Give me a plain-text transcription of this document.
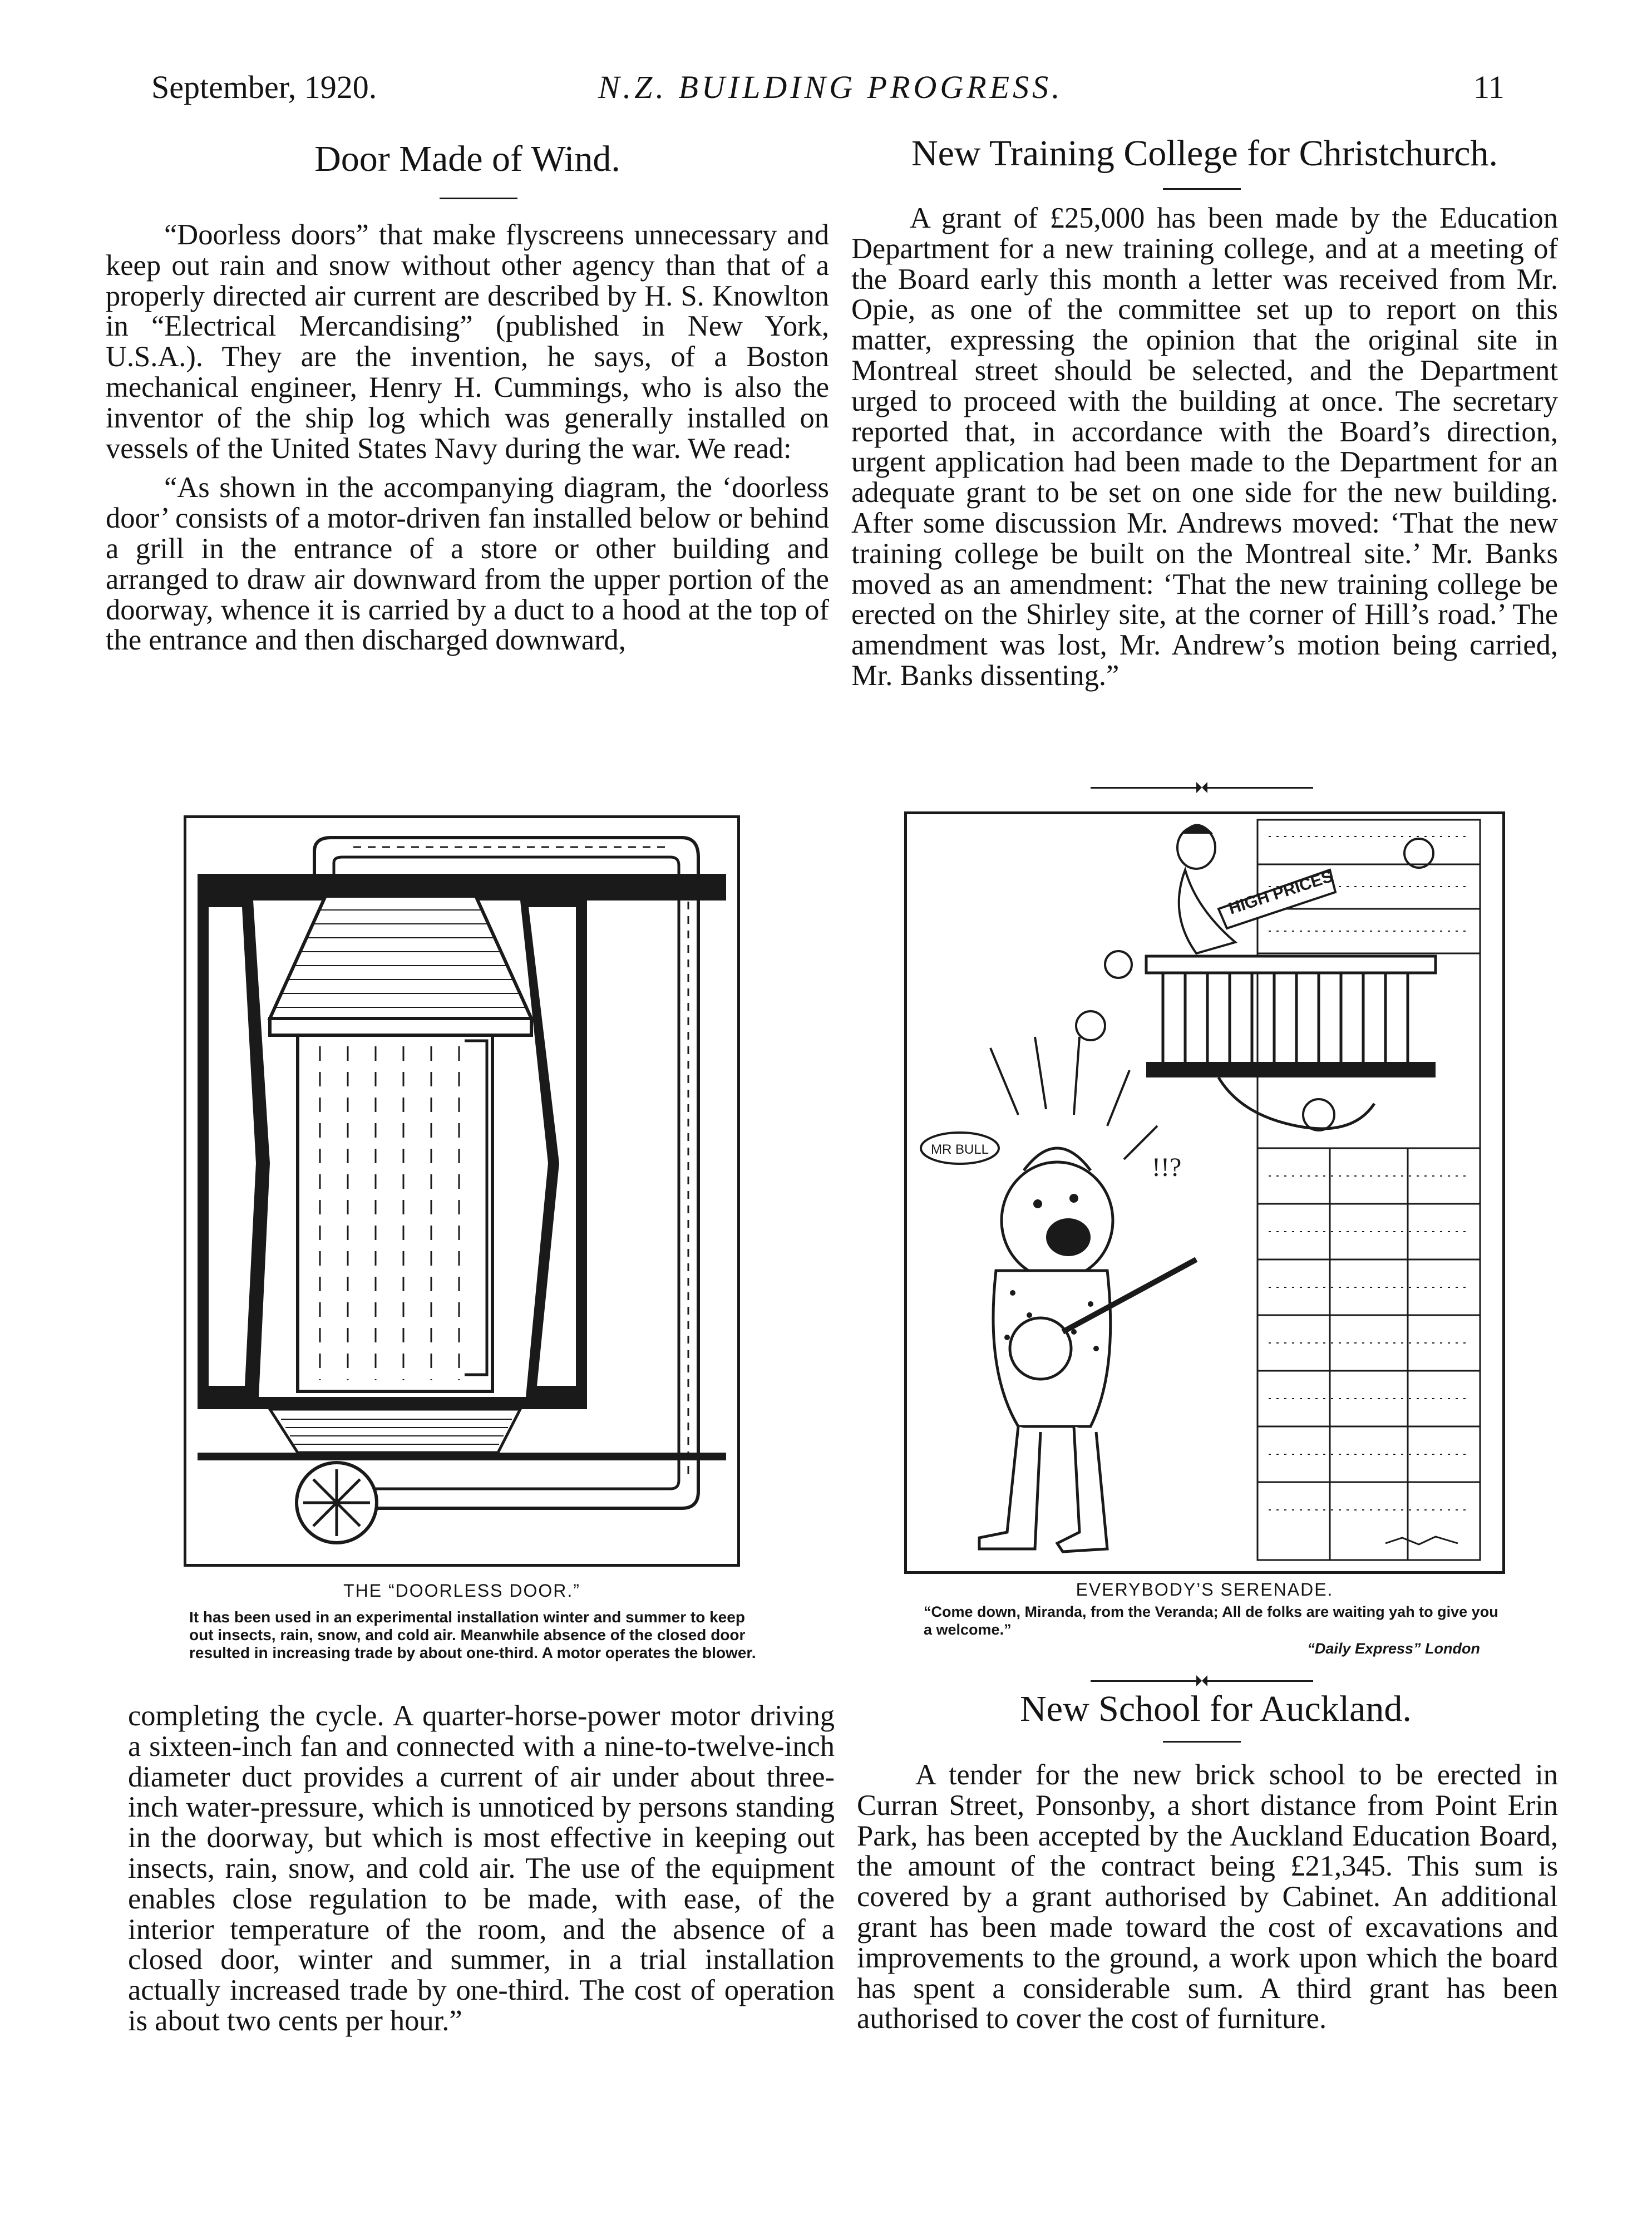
September, 1920.	N.Z. BUILDING PROGRESS.	11
Door Made of Wind.

“Doorless doors” that make flyscreens unnecessary and keep out rain and snow without other agency than that of a properly directed air current are described by H. S. Knowlton in “Electrical Mercandising” (published in New York, U.S.A.). They are the invention, he says, of a Boston mechanical engineer, Henry H. Cummings, who is also the inventor of the ship log which was generally installed on vessels of the United States Navy during the war. We read:

“As shown in the accompanying diagram, the ‘doorless door’ consists of a motor-driven fan installed below or behind a grill in the entrance of a store or other building and arranged to draw air downward from the upper portion of the doorway, whence it is carried by a duct to a hood at the top of the entrance and then discharged downward,

New Training College for Christchurch.

A grant of £25,000 has been made by the Education Department for a new training college, and at a meeting of the Board early this month a letter was received from Mr. Opie, as one of the committee set up to report on this matter, expressing the opinion that the original site in Montreal street should be selected, and the Department urged to proceed with the building at once. The secretary reported that, in accordance with the Board’s direction, urgent application had been made to the Department for an adequate grant to be set on one side for the new building. After some discussion Mr. Andrews moved: ‘That the new training college be built on the Montreal site.’ Mr. Banks moved as an amendment: ‘That the new training college be erected on the Shirley site, at the corner of Hill’s road.’ The amendment was lost, Mr. Andrew’s motion being carried, Mr. Banks dissenting.”

THE “DOORLESS DOOR.”
It has been used in an experimental installation winter and summer to keep out insects, rain, snow, and cold air. Meanwhile absence of the closed door resulted in increasing trade by about one-third. A motor operates the blower.
HIGH PRICES
MR BULL
!!?
EVERYBODY’S SERENADE.
“Come down, Miranda, from the Veranda; All de folks are waiting yah to give you a welcome.”
“Daily Express” London

completing the cycle. A quarter-horse-power motor driving a sixteen-inch fan and connected with a nine-to-twelve-inch diameter duct provides a current of air under about three-inch water-pressure, which is unnoticed by persons standing in the doorway, but which is most effective in keeping out insects, rain, snow, and cold air. The use of the equipment enables close regulation to be made, with ease, of the interior temperature of the room, and the absence of a closed door, winter and summer, in a trial installation actually increased trade by one-third. The cost of operation is about two cents per hour.”

New School for Auckland.

A tender for the new brick school to be erected in Curran Street, Ponsonby, a short distance from Point Erin Park, has been accepted by the Auckland Education Board, the amount of the contract being £21,345. This sum is covered by a grant authorised by Cabinet. An additional grant has been made toward the cost of excavations and improvements to the ground, a work upon which the board has spent a considerable sum. A third grant has been authorised to cover the cost of furniture.
